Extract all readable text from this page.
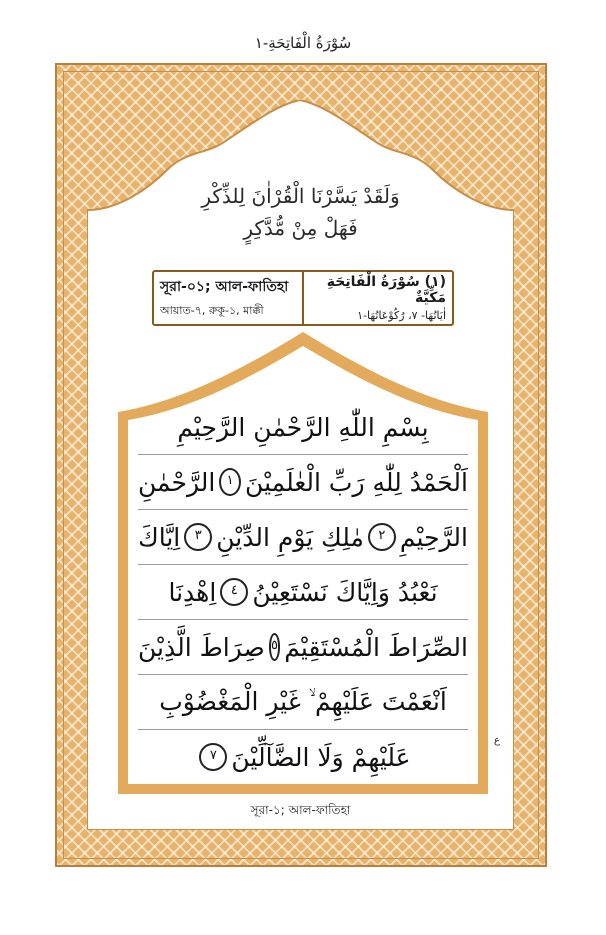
سُوْرَةُ الْفَاتِحَةِ-١
وَلَقَدْ يَسَّرْنَا الْقُرْاٰنَ لِلذِّكْرِ
فَهَلْ مِنْ مُّدَّكِرٍ
সূরা-০১; আল-ফাতিহা
আয়াত-৭, রুকূ-১, মাক্কী
(١) سُوْرَةُ الْفَاتِحَةِ مَكِّيَّةٌ
اٰيَاتُهَا- ٧، رُكُوْعَاتُهَا-١
بِسْمِ اللّٰهِ الرَّحْمٰنِ الرَّحِيْمِ
اَلْحَمْدُ لِلّٰهِ رَبِّ الْعٰلَمِيْنَ
١
الرَّحْمٰنِ
الرَّحِيْمِ
٢
مٰلِكِ يَوْمِ الدِّيْنِ
٣
اِيَّاكَ
نَعْبُدُ وَاِيَّاكَ نَسْتَعِيْنُ
٤
اِهْدِنَا
الصِّرَاطَ الْمُسْتَقِيْمَ
٥
صِرَاطَ الَّذِيْنَ
اَنْعَمْتَ عَلَيْهِمْ ۙ غَيْرِ الْمَغْضُوْبِ
عَلَيْهِمْ وَلَا الضَّآلِّيْنَ
٧
ع
সূরা-১; আল-ফাতিহা
